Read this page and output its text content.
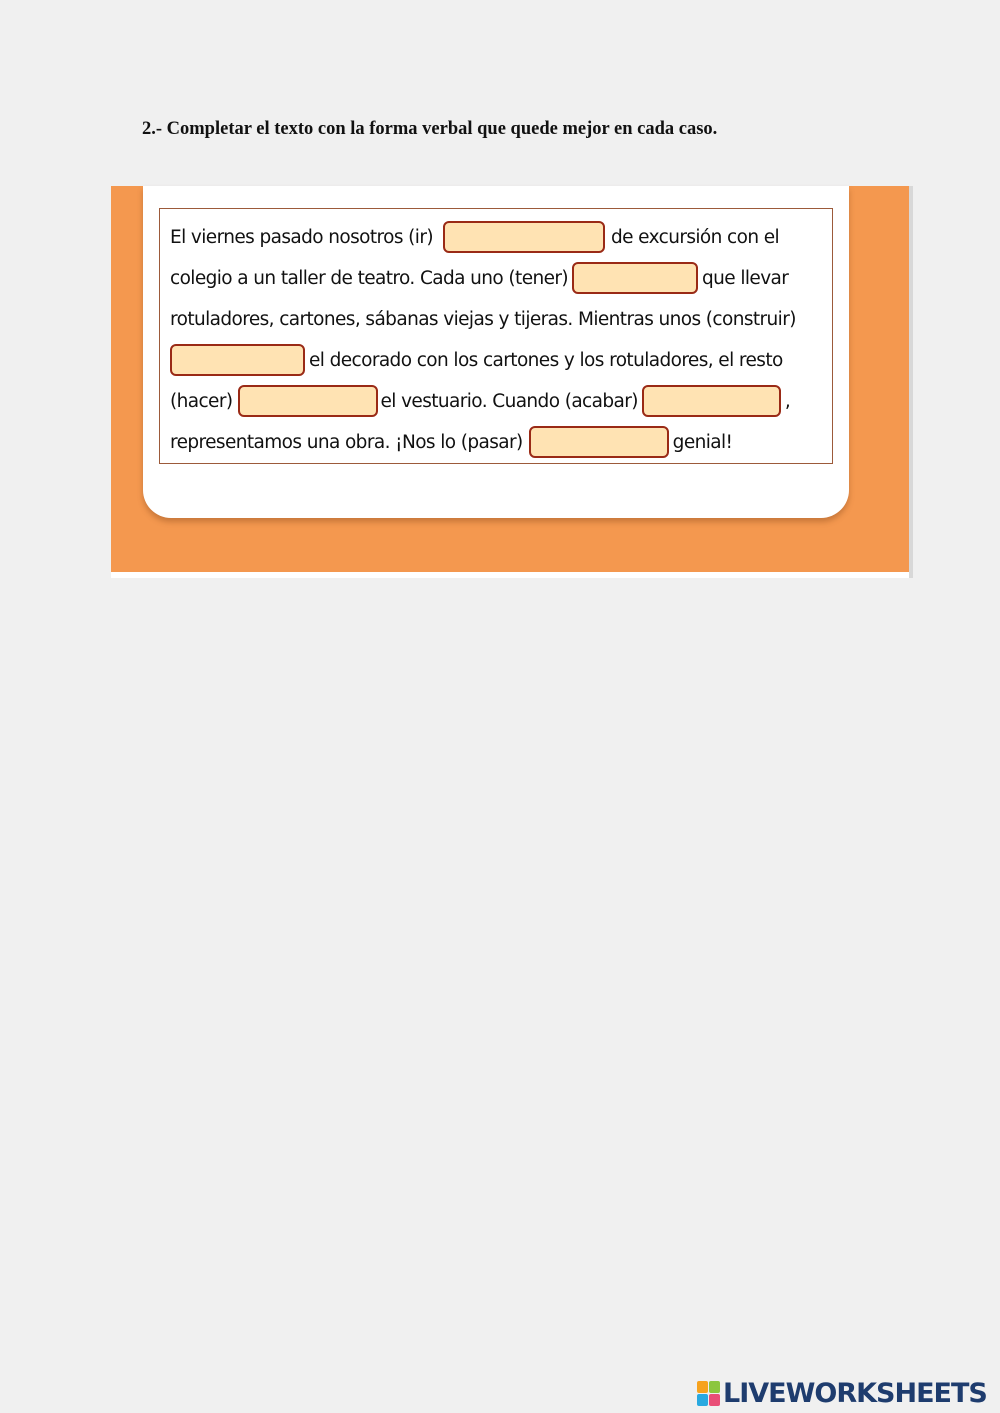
2.- Completar el texto con la forma verbal que quede mejor en cada caso.
El viernes pasado nosotros (ir)	de excursión con el
colegio a un taller de teatro. Cada uno (tener)	que llevar
rotuladores, cartones, sábanas viejas y tijeras. Mientras unos (construir)
el decorado con los cartones y los rotuladores, el resto
(hacer)	el vestuario. Cuando (acabar)	,
representamos una obra. ¡Nos lo (pasar)	genial!
LIVEWORKSHEETS
